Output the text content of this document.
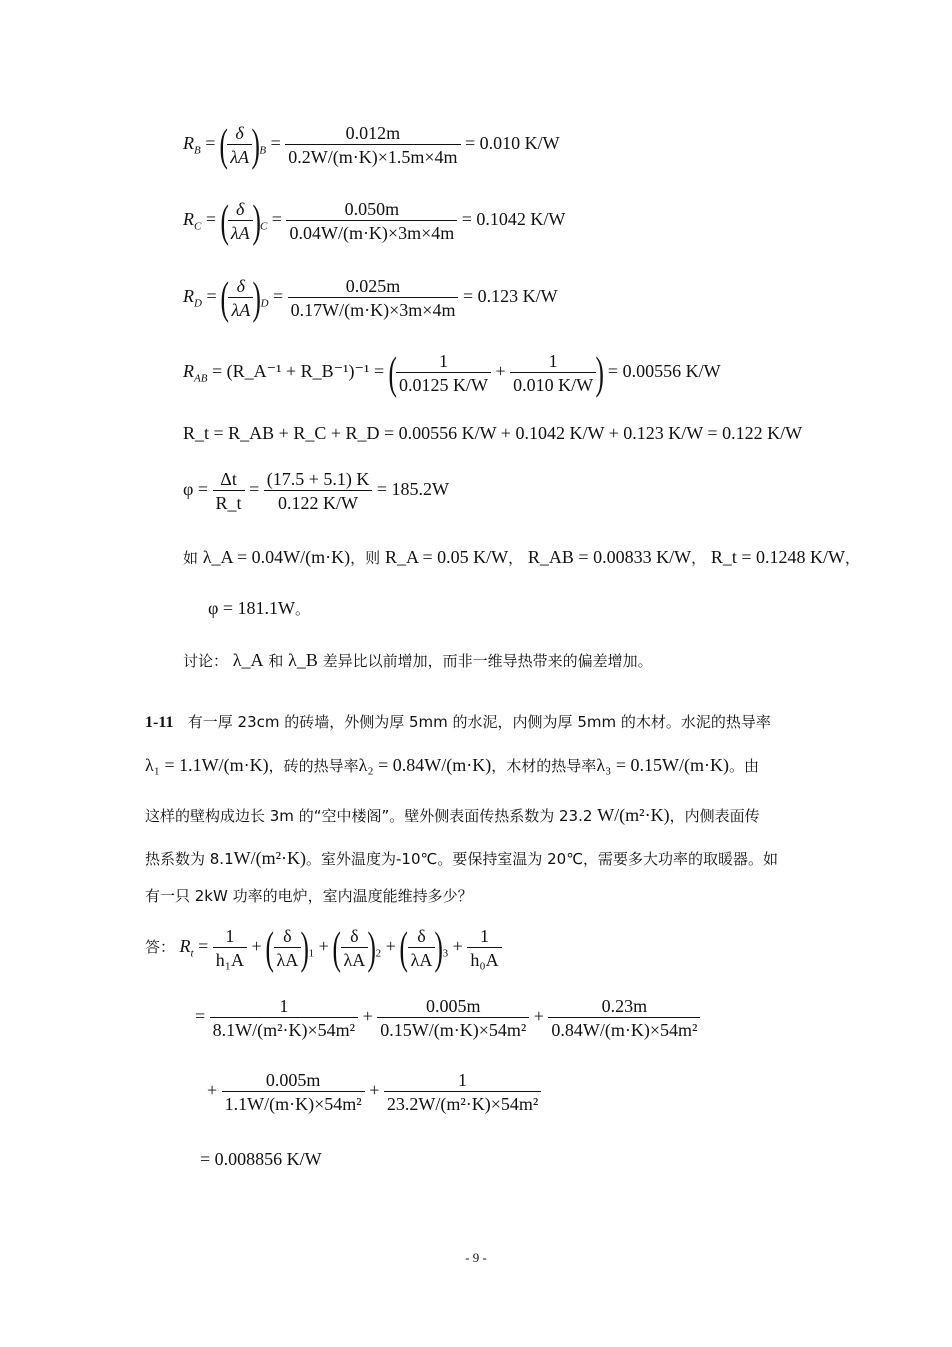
$R_B$ = ( $\frac{\delta}{\lambda A} )_B = \frac{0.012m}{0.2W/(m\cdot K)\times 1.5m\times 4m} = 0.010$ K/W
$R_C$ = ( $\frac{\delta}{\lambda A} )_C = \frac{0.050m}{0.04W/(m\cdot K)\times 3m\times 4m} = 0.1042$ K/W
$R_D$ = ( $\frac{\delta}{\lambda A} )_D = \frac{0.025m}{0.17W/(m\cdot K)\times 3m\times 4m} = 0.123$ K/W
$R_{AB}$ = (R_A⁻¹ + R_B⁻¹)⁻¹ = ( $\frac{1}{0.0125 K/W} + \frac{1}{0.010 K/W}$ ) = 0.00556 K/W
R_t = R_AB + R_C + R_D = 0.00556 K/W + 0.1042 K/W + 0.123 K/W = 0.122 K/W
$\varphi = \frac{\Delta t}{R\_t} = \frac{(17.5 + 5.1) K}{0.122 K/W} = 185.2W$
如 λ_A = 0.04W/(m·K)，则 R_A = 0.05 K/W， R_AB = 0.00833 K/W， R_t = 0.1248 K/W，
φ = 181.1W。
讨论： λ_A 和 λ_B 差异比以前增加，而非一维导热带来的偏差增加。
1-11 有一厚 23cm 的砖墙，外侧为厚 5mm 的水泥，内侧为厚 5mm 的木材。水泥的热导率
λ₁ = 1.1W/(m·K)，砖的热导率λ₂ = 0.84W/(m·K)，木材的热导率λ₃ = 0.15W/(m·K)。由
这样的壁构成边长 3m 的“空中楼阁”。壁外侧表面传热系数为 23.2 W/(m²·K)，内侧表面传
热系数为 8.1W/(m²·K)。室外温度为-10℃。要保持室温为 20℃，需要多大功率的取暖器。如
有一只 2kW 功率的电炉，室内温度能维持多少？
答： $R_t = \frac{1}{\text{h₁A}}$ + ( $\frac{\delta}{\lambda A} )_1$ + ( $\frac{\delta}{\lambda A} )_2$ + ( $\frac{\delta}{\lambda A} )_3 + \frac{1}{\text{h₀A}}$
= $\frac{1}{\text{8.1W/(m²·K)×54m²}} + \frac{0.005m}{\text{0.15W/(m·K)×54m²}} + \frac{0.23m}{\text{0.84W/(m·K)×54m²}}$
+ $\frac{0.005m}{\text{1.1W/(m·K)×54m²}} + \frac{1}{\text{23.2W/(m²·K)×54m²}}$
= 0.008856 K/W
- 9 -
